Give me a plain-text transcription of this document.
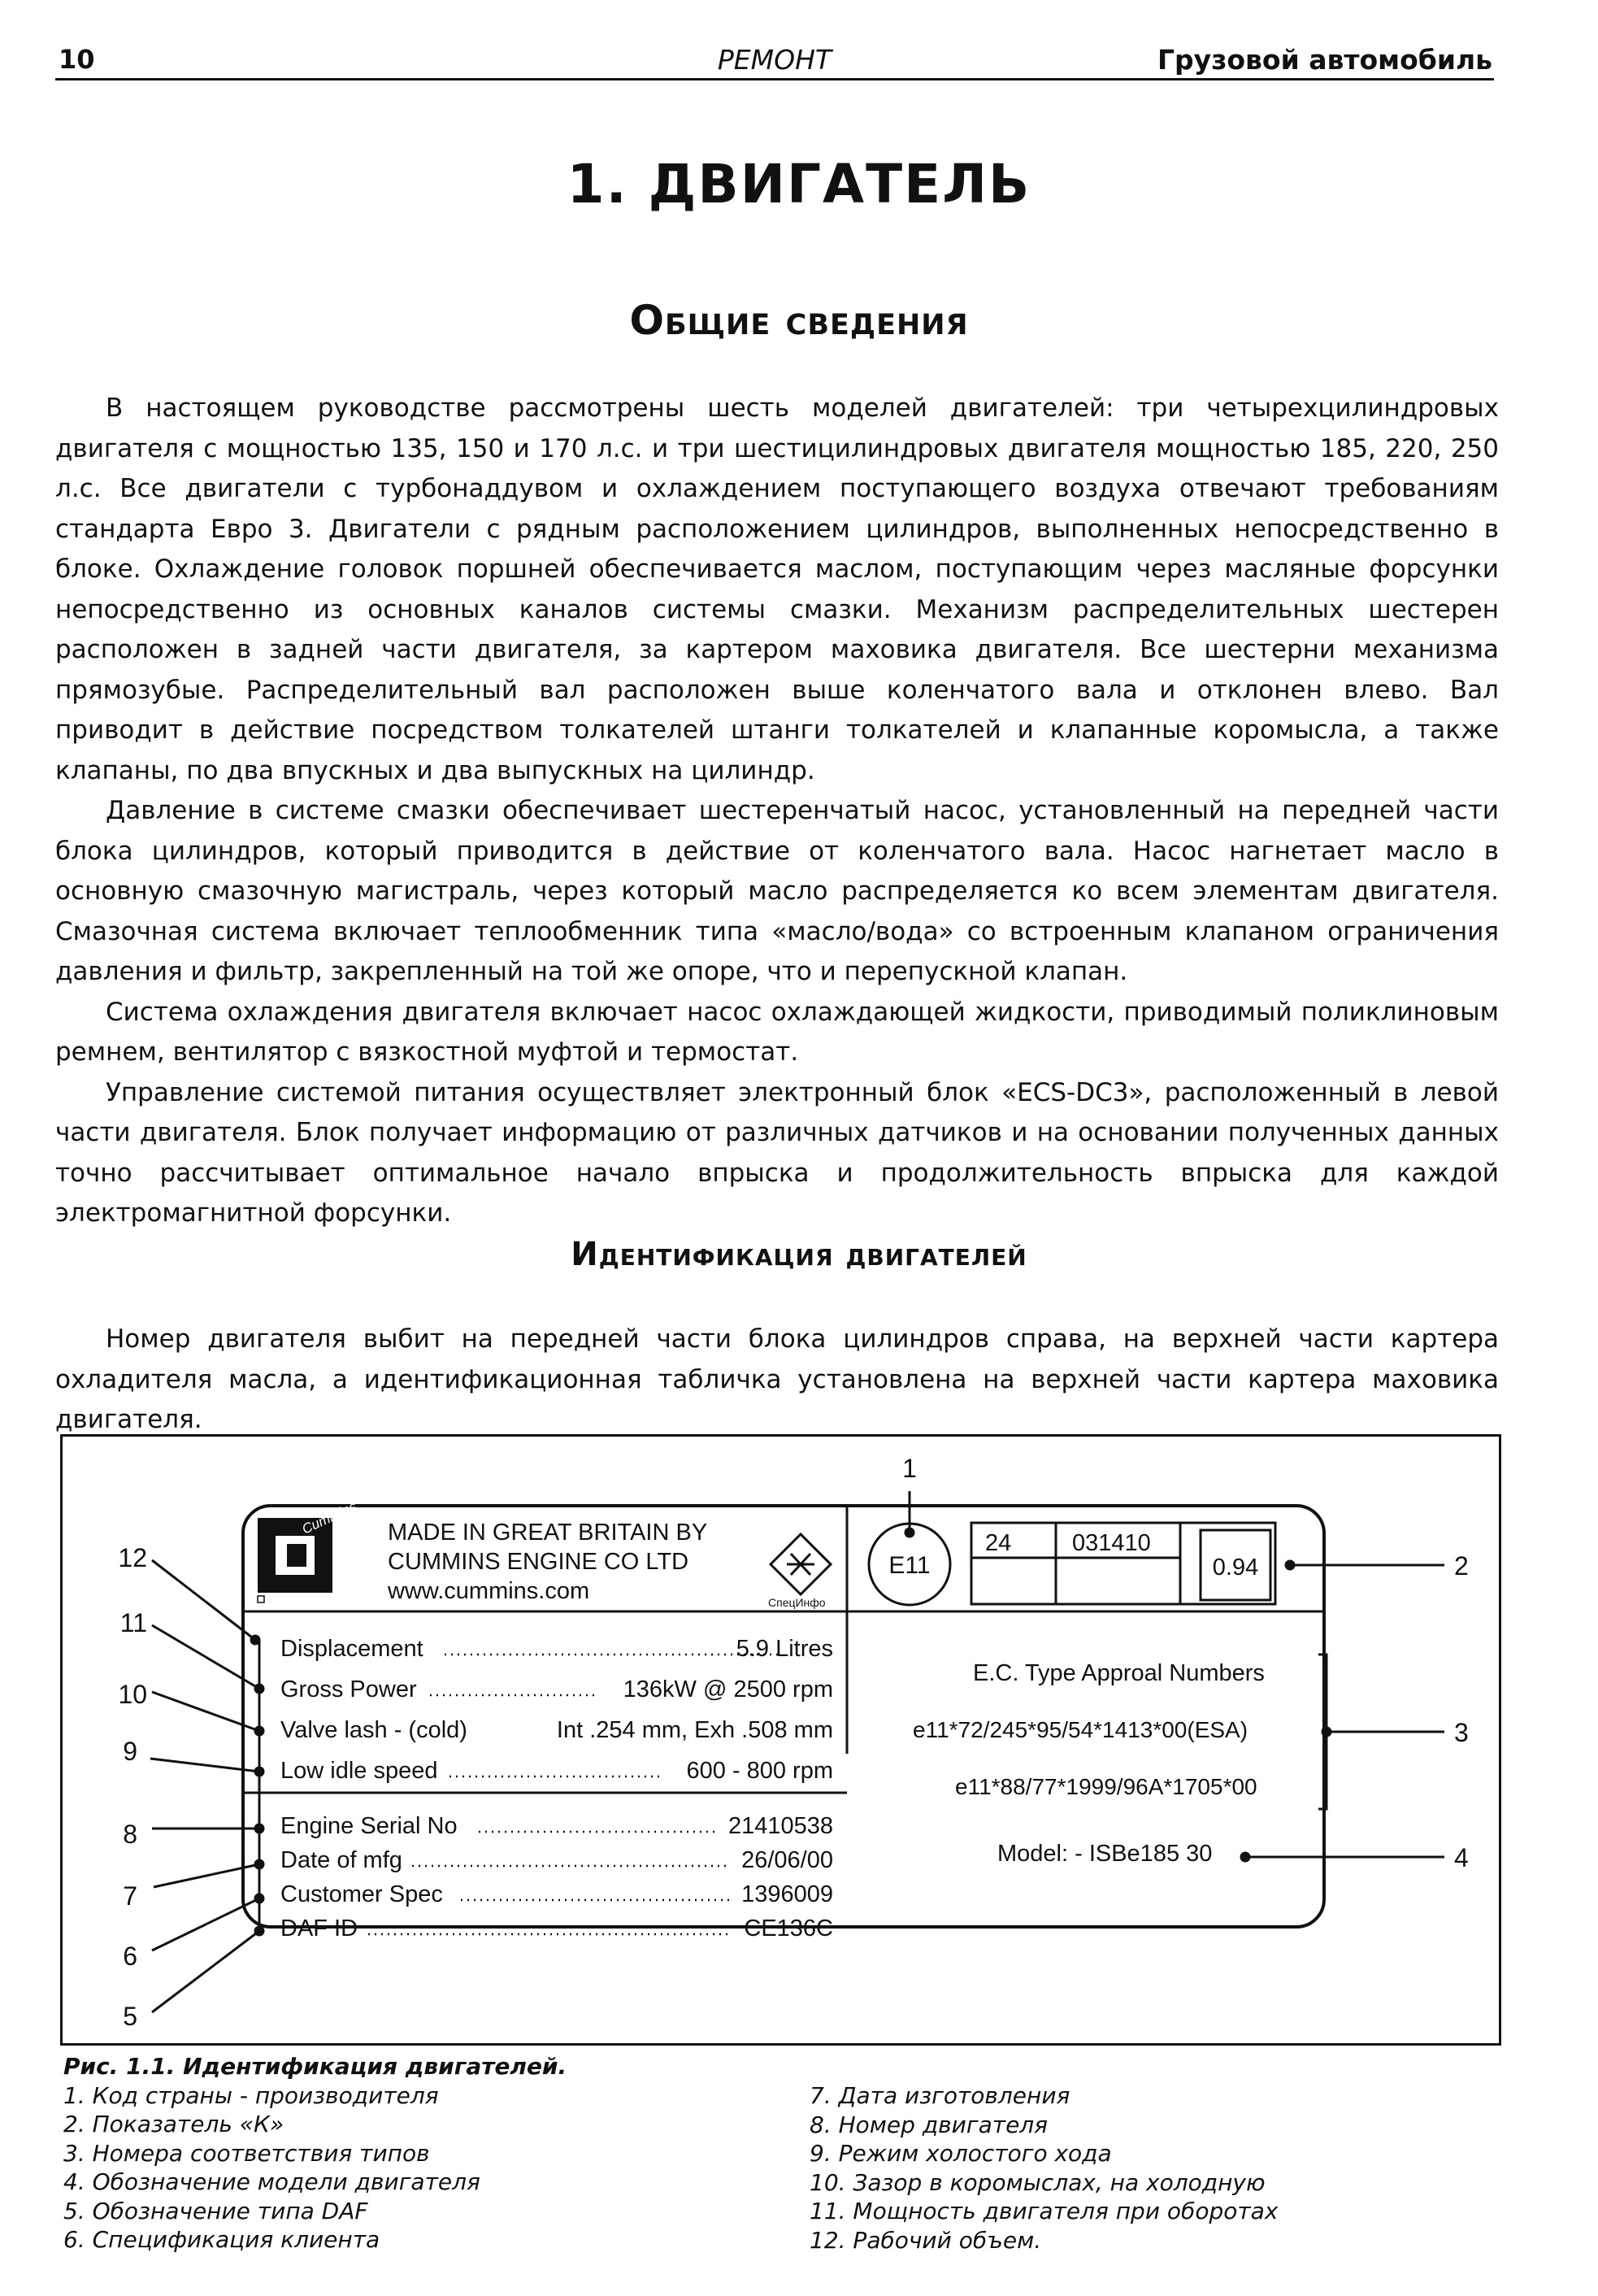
10	РЕМОНТ	Грузовой автомобиль
1. ДВИГАТЕЛЬ
Общие сведения

В настоящем руководстве рассмотрены шесть моделей двигателей: три четырехцилиндровых двигателя с мощностью 135, 150 и 170 л.с. и три шестицилиндровых двигателя мощностью 185, 220, 250 л.с. Все двигатели с турбонаддувом и охлаждением поступающего воздуха отвечают требованиям стандарта Евро 3. Двигатели с рядным расположением цилиндров, выполненных непосредственно в блоке. Охлаждение головок поршней обеспечивается маслом, поступающим через масляные форсунки непосредственно из основных каналов системы смазки. Механизм распределительных шестерен расположен в задней части двигателя, за картером маховика двигателя. Все шестерни механизма прямозубые. Распределительный вал расположен выше коленчатого вала и отклонен влево. Вал приводит в действие посредством толкателей штанги толкателей и клапанные коромысла, а также клапаны, по два впускных и два выпускных на цилиндр.

Давление в системе смазки обеспечивает шестеренчатый насос, установленный на передней части блока цилиндров, который приводится в действие от коленчатого вала. Насос нагнетает масло в основную смазочную магистраль, через который масло распределяется ко всем элементам двигателя. Смазочная система включает теплообменник типа «масло/вода» со встроенным клапаном ограничения давления и фильтр, закрепленный на той же опоре, что и перепускной клапан.

Система охлаждения двигателя включает насос охлаждающей жидкости, приводимый поликлиновым ремнем, вентилятор с вязкостной муфтой и термостат.

Управление системой питания осуществляет электронный блок «ECS-DC3», расположенный в левой части двигателя. Блок получает информацию от различных датчиков и на основании полученных данных точно рассчитывает оптимальное начало впрыска и продолжительность впрыска для каждой электромагнитной форсунки.

Идентификация двигателей

Номер двигателя выбит на передней части блока цилиндров справа, на верхней части картера охладителя масла, а идентификационная табличка установлена на верхней части картера маховика двигателя.

Cummins MADE IN GREAT BRITAIN BY
CUMMINS ENGINE CO LTD
www.cummins.com	СпецИнфо
E11
24	031410
0.94
Displacement	5.9 Litres
Gross Power	136kW @ 2500 rpm
Valve lash - (cold)	Int .254 mm, Exh .508 mm
Low idle speed	600 - 800 rpm
Engine Serial No	21410538
Date of mfg	26/06/00
Customer Spec	1396009
DAF ID	CE136C
E.C. Type Approal Numbers
e11*72/245*95/54*1413*00(ESA)
e11*88/77*1999/96A*1705*00
Model: - ISBe185 30
1
2
3
4
5
6
7
8
9
10
11
12
Рис. 1.1. Идентификация двигателей.
1. Код страны - производителя
2. Показатель «К»
3. Номера соответствия типов
4. Обозначение модели двигателя
5. Обозначение типа DAF
6. Спецификация клиента
7. Дата изготовления
8. Номер двигателя
9. Режим холостого хода
10. Зазор в коромыслах, на холодную
11. Мощность двигателя при оборотах
12. Рабочий объем.
